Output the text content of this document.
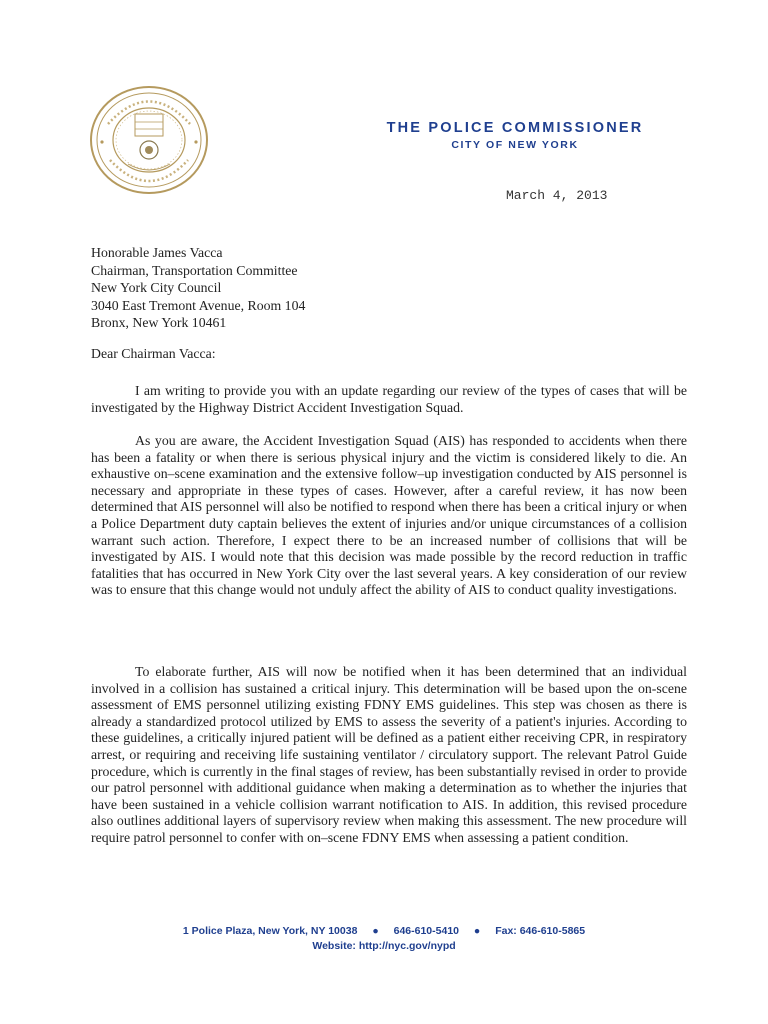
THE POLICE COMMISSIONER
CITY OF NEW YORK
March 4, 2013
Honorable James Vacca
Chairman, Transportation Committee
New York City Council
3040 East Tremont Avenue, Room 104
Bronx, New York 10461
Dear Chairman Vacca:

I am writing to provide you with an update regarding our review of the types of cases that will be investigated by the Highway District Accident Investigation Squad.

As you are aware, the Accident Investigation Squad (AIS) has responded to accidents when there has been a fatality or when there is serious physical injury and the victim is considered likely to die. An exhaustive on–scene examination and the extensive follow–up investigation conducted by AIS personnel is necessary and appropriate in these types of cases. However, after a careful review, it has now been determined that AIS personnel will also be notified to respond when there has been a critical injury or when a Police Department duty captain believes the extent of injuries and/or unique circumstances of a collision warrant such action. Therefore, I expect there to be an increased number of collisions that will be investigated by AIS. I would note that this decision was made possible by the record reduction in traffic fatalities that has occurred in New York City over the last several years. A key consideration of our review was to ensure that this change would not unduly affect the ability of AIS to conduct quality investigations.

To elaborate further, AIS will now be notified when it has been determined that an individual involved in a collision has sustained a critical injury. This determination will be based upon the on-scene assessment of EMS personnel utilizing existing FDNY EMS guidelines. This step was chosen as there is already a standardized protocol utilized by EMS to assess the severity of a patient's injuries. According to these guidelines, a critically injured patient will be defined as a patient either receiving CPR, in respiratory arrest, or requiring and receiving life sustaining ventilator / circulatory support. The relevant Patrol Guide procedure, which is currently in the final stages of review, has been substantially revised in order to provide our patrol personnel with additional guidance when making a determination as to whether the injuries that have been sustained in a vehicle collision warrant notification to AIS. In addition, this revised procedure also outlines additional layers of supervisory review when making this assessment. The new procedure will require patrol personnel to confer with on–scene FDNY EMS when assessing a patient condition.

1 Police Plaza, New York, NY 10038 ● 646-610-5410 ● Fax: 646-610-5865
Website: http://nyc.gov/nypd
